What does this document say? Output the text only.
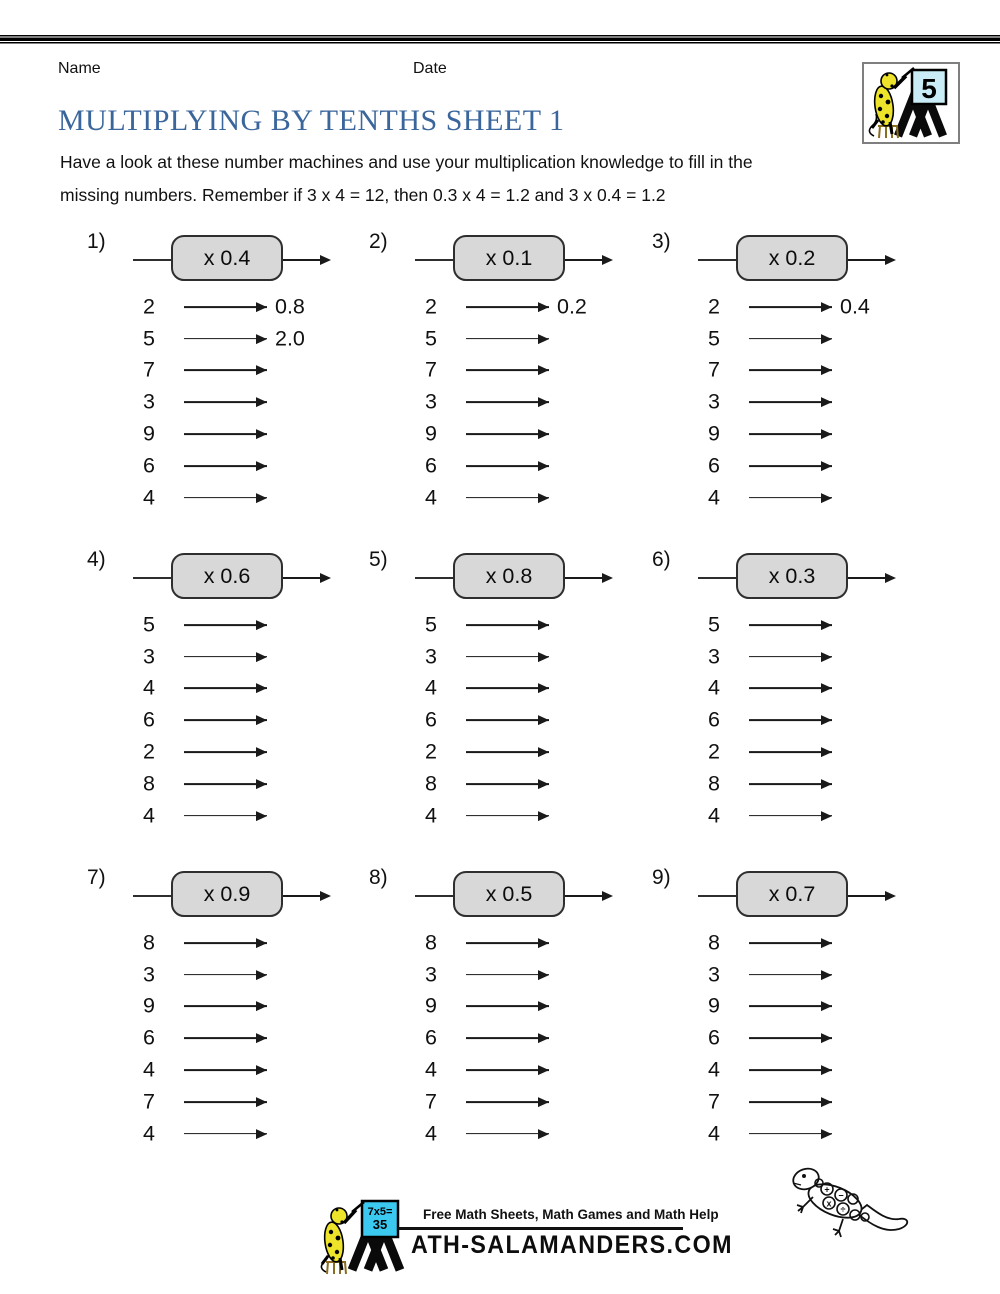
Name	Date
5
MULTIPLYING BY TENTHS SHEET 1
Have a look at these number machines and use your multiplication knowledge to fill in the
missing numbers. Remember if 3 x 4 = 12, then 0.3 x 4 = 1.2 and 3 x 0.4 = 1.2
1)
x 0.4
2	0.8
5	2.0
7
3
9
6
4
2)
x 0.1
2	0.2
5
7
3
9
6
4
3)
x 0.2
2	0.4
5
7
3
9
6
4
4)
x 0.6
5
3
4
6
2
8
4
5)
x 0.8
5
3
4
6
2
8
4
6)
x 0.3
5
3
4
6
2
8
4
7)
x 0.9
8
3
9
6
4
7
4
8)
x 0.5
8
3
9
6
4
7
4
9)
x 0.7
8
3
9
6
4
7
4
7x5=
35
Free Math Sheets, Math Games and Math Help
ATH-SALAMANDERS.COM
+
−
x
÷
